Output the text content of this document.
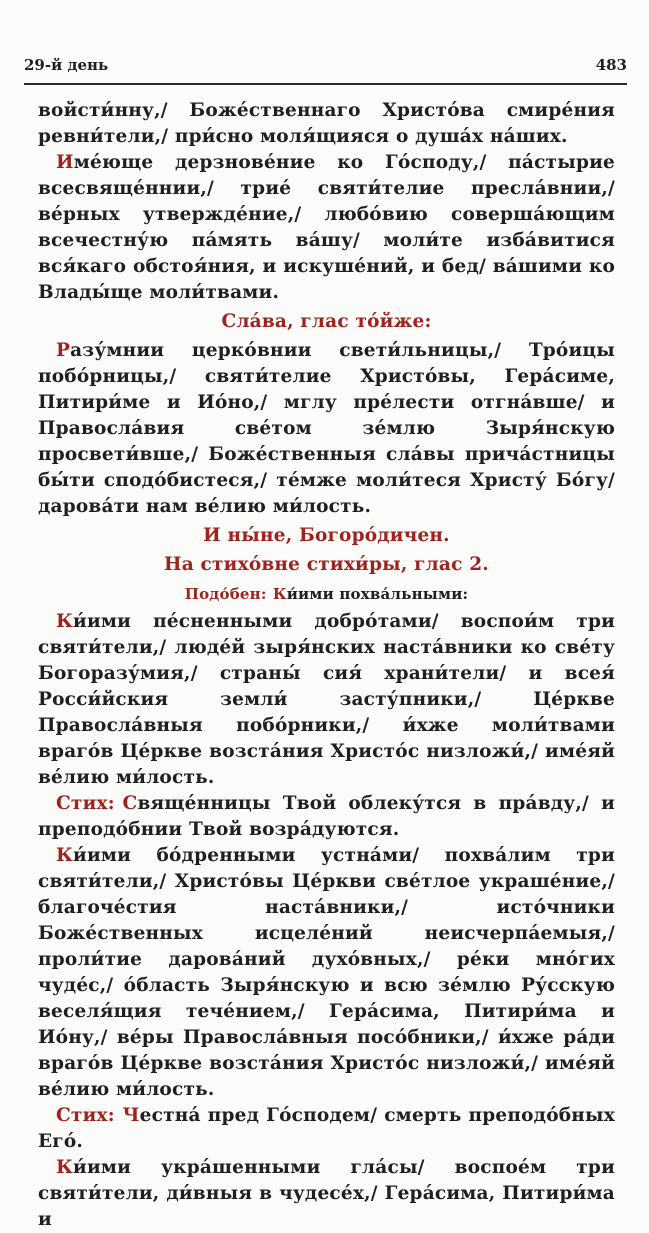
29-й день	483

войсти́нну,/ Боже́ственнаго Христо́ва смире́ния ревни́тели,/ при́сно моля́щияся о душа́х на́ших.

Име́юще дерзнове́ние ко Го́споду,/ па́стырие всесвяще́ннии,/ трие́ святи́телие пресла́внии,/ ве́рных утвержде́ние,/ любо́вию соверша́ющим всечестну́ю па́мять ва́шу/ моли́те изба́витися вся́каго обстоя́ния, и искуше́ний, и бед/ ва́шими ко Влады́ще моли́твами.

Сла́ва, глас то́йже:

Разу́мнии церко́внии свети́льницы,/ Тро́ицы побо́рницы,/ святи́телие Христо́вы, Гера́симе, Питири́ме и Ио́но,/ мглу пре́лести отгна́вше/ и Правосла́вия све́том зе́млю Зыря́нскую просвети́вше,/ Боже́ственныя сла́вы прича́стницы бы́ти сподо́бистеся,/ те́мже моли́теся Христу́ Бо́гу/ дарова́ти нам ве́лию ми́лость.

И ны́не, Богоро́дичен.

На стихо́вне стихи́ры, глас 2.

Подо́бен: Ки́ими похва́льными:

Ки́ими пе́сненными добро́тами/ воспои́м три святи́тели,/ люде́й зыря́нских наста́вники ко све́ту Богоразу́мия,/ страны́ сия́ храни́тели/ и всея́ Росси́йския земли́ засту́пники,/ Це́ркве Правосла́вныя побо́рники,/ и́хже моли́твами враго́в Це́ркве возста́ния Христо́с низложи́,/ име́яй ве́лию ми́лость.

Стих: Свяще́нницы Твой облеку́тся в пра́вду,/ и преподо́бнии Твой возра́дуются.

Ки́ими бо́дренными устна́ми/ похва́лим три святи́тели,/ Христо́вы Це́ркви све́тлое украше́ние,/ благоче́стия наста́вники,/ исто́чники Боже́ственных исцеле́ний неисчерпа́емыя,/ проли́тие дарова́ний духо́вных,/ ре́ки мно́гих чуде́с,/ о́бласть Зыря́нскую и всю зе́млю Ру́сскую веселя́щия тече́нием,/ Гера́сима, Питири́ма и Ио́ну,/ ве́ры Правосла́вныя посо́бники,/ и́хже ра́ди враго́в Це́ркве возста́ния Христо́с низложи́,/ име́яй ве́лию ми́лость.

Стих: Честна́ пред Го́сподем/ смерть преподо́бных Его́.

Ки́ими укра́шенными гла́сы/ воспое́м три святи́тели, ди́вныя в чудесе́х,/ Гера́сима, Питири́ма и
